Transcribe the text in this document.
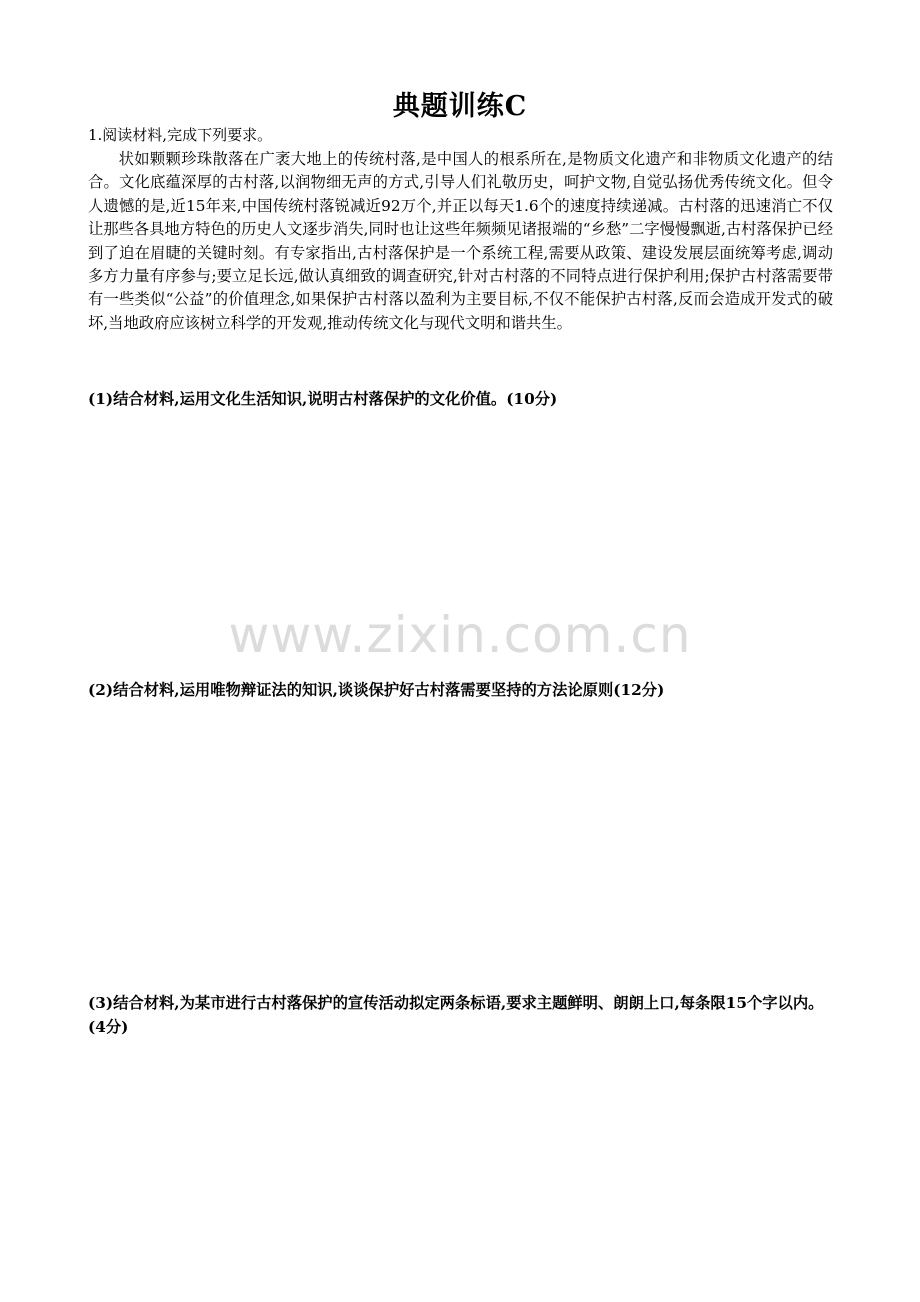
典题训练C
1.阅读材料,完成下列要求。
状如颗颗珍珠散落在广袤大地上的传统村落,是中国人的根系所在,是物质文化遗产和非物质文化遗产的结合。文化底蕴深厚的古村落,以润物细无声的方式,引导人们礼敬历史，呵护文物,自觉弘扬优秀传统文化。但令人遗憾的是,近15年来,中国传统村落锐减近92万个,并正以每天1.6个的速度持续递减。古村落的迅速消亡不仅让那些各具地方特色的历史人文逐步消失,同时也让这些年频频见诸报端的“乡愁”二字慢慢飘逝,古村落保护已经到了迫在眉睫的关键时刻。有专家指出,古村落保护是一个系统工程,需要从政策、建设发展层面统筹考虑,调动多方力量有序参与;要立足长远,做认真细致的调查研究,针对古村落的不同特点进行保护利用;保护古村落需要带有一些类似“公益”的价值理念,如果保护古村落以盈利为主要目标,不仅不能保护古村落,反而会造成开发式的破坏,当地政府应该树立科学的开发观,推动传统文化与现代文明和谐共生。
(1)结合材料,运用文化生活知识,说明古村落保护的文化价值。(10分)
www.zixin.com.cn
(2)结合材料,运用唯物辩证法的知识,谈谈保护好古村落需要坚持的方法论原则(12分)
(3)结合材料,为某市进行古村落保护的宣传活动拟定两条标语,要求主题鲜明、朗朗上口,每条限15个字以内。(4分)
